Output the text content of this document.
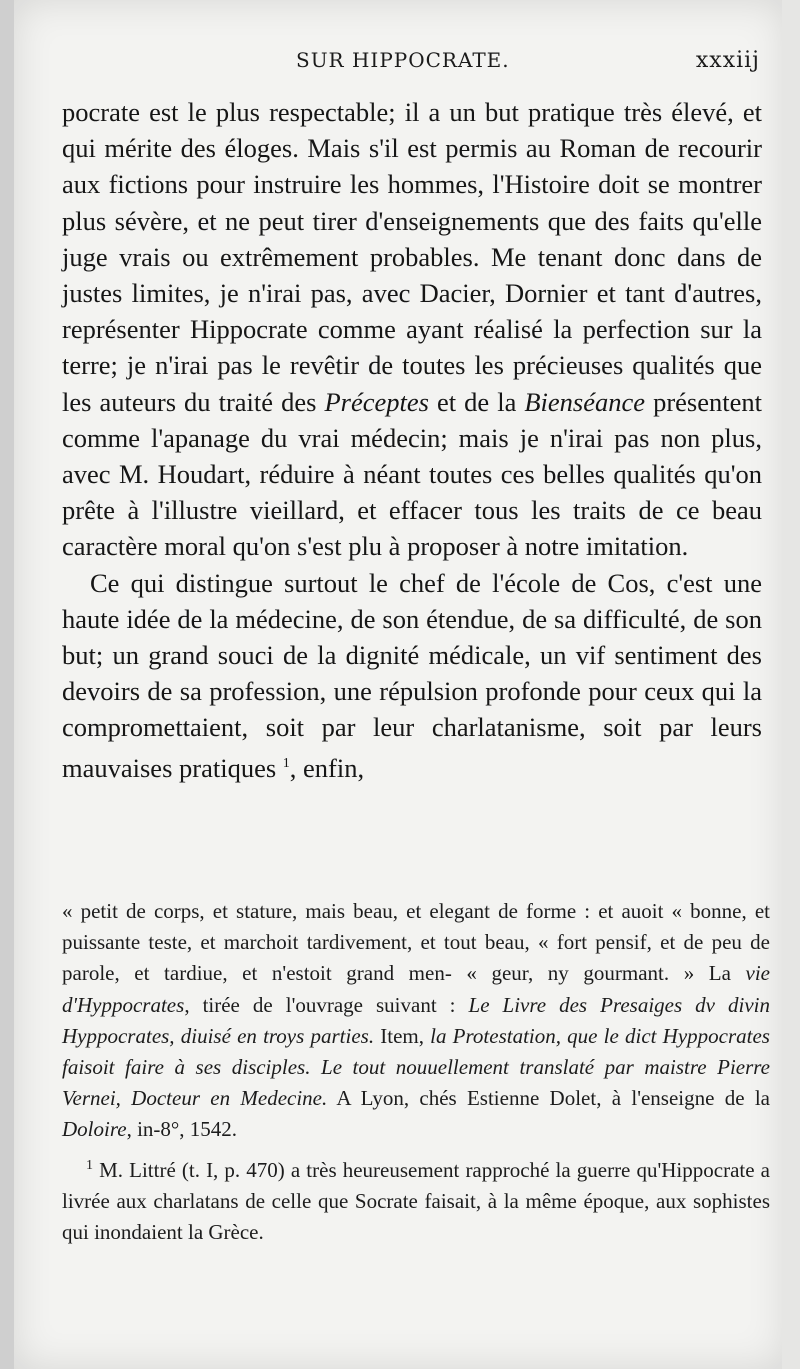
SUR HIPPOCRATE.	xxxiij

pocrate est le plus respectable; il a un but pratique très élevé, et qui mérite des éloges. Mais s'il est permis au Roman de recourir aux fictions pour instruire les hommes, l'Histoire doit se montrer plus sévère, et ne peut tirer d'enseignements que des faits qu'elle juge vrais ou extrêmement probables. Me tenant donc dans de justes limites, je n'irai pas, avec Dacier, Dornier et tant d'autres, représenter Hippocrate comme ayant réalisé la perfection sur la terre; je n'irai pas le revêtir de toutes les précieuses qualités que les auteurs du traité des Préceptes et de la Bienséance présentent comme l'apanage du vrai médecin; mais je n'irai pas non plus, avec M. Houdart, réduire à néant toutes ces belles qualités qu'on prête à l'illustre vieillard, et effacer tous les traits de ce beau caractère moral qu'on s'est plu à proposer à notre imitation.

Ce qui distingue surtout le chef de l'école de Cos, c'est une haute idée de la médecine, de son étendue, de sa difficulté, de son but; un grand souci de la dignité médicale, un vif sentiment des devoirs de sa profession, une répulsion profonde pour ceux qui la compromettaient, soit par leur charlatanisme, soit par leurs mauvaises pratiques $^1$, enfin,

« petit de corps, et stature, mais beau, et elegant de forme : et auoit « bonne, et puissante teste, et marchoit tardivement, et tout beau, « fort pensif, et de peu de parole, et tardiue, et n'estoit grand men- « geur, ny gourmant. » La vie d'Hyppocrates, tirée de l'ouvrage suivant : Le Livre des Presaiges dv divin Hyppocrates, diuisé en troys parties. Item, la Protestation, que le dict Hyppocrates faisoit faire à ses disciples. Le tout nouuellement translaté par maistre Pierre Vernei, Docteur en Medecine. A Lyon, chés Estienne Dolet, à l'enseigne de la Doloire, in-8°, 1542.

$^1$ M. Littré (t. I, p. 470) a très heureusement rapproché la guerre qu'Hippocrate a livrée aux charlatans de celle que Socrate faisait, à la même époque, aux sophistes qui inondaient la Grèce.
